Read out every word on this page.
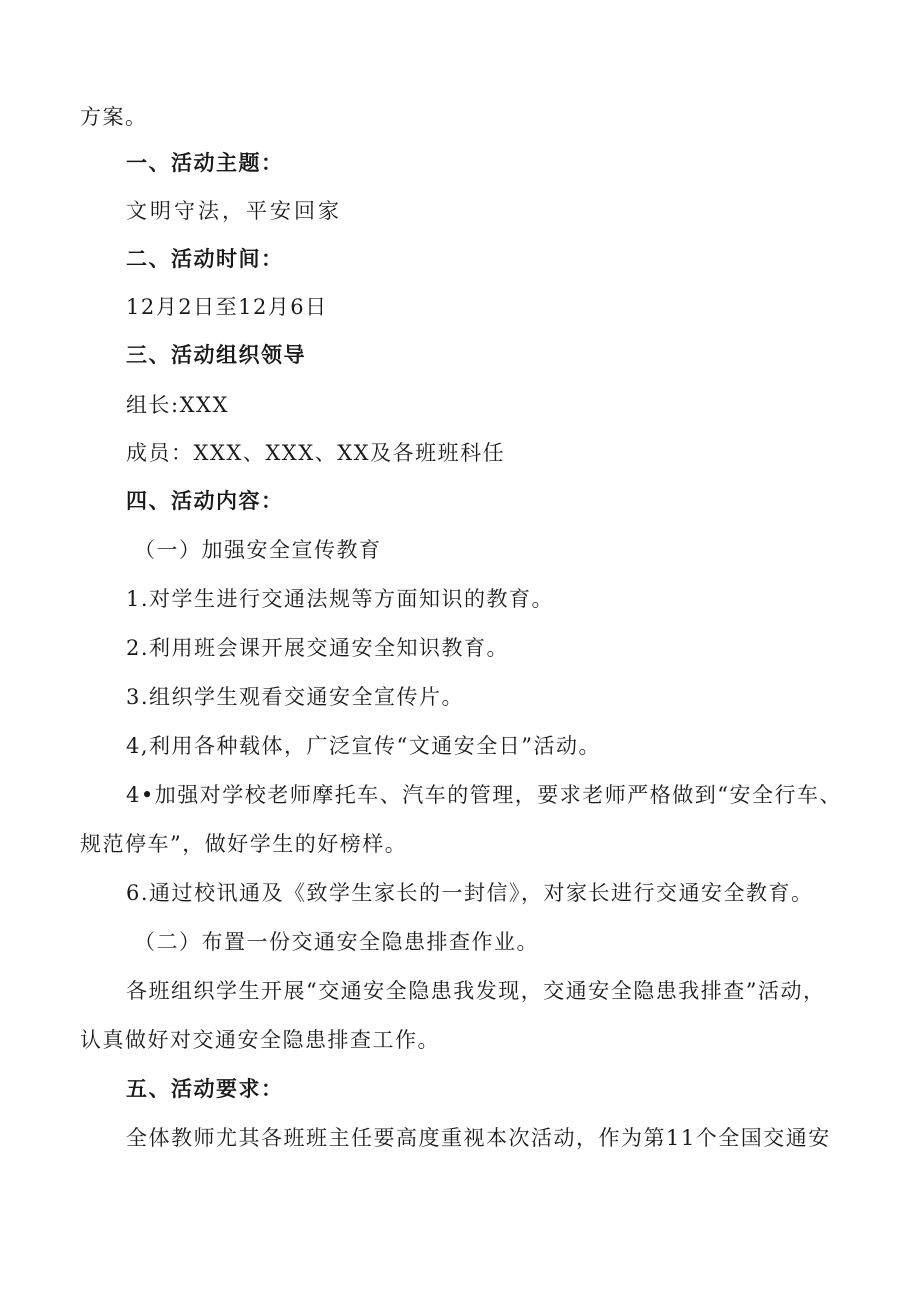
方案。
一、活动主题：
文明守法，平安回家
二、活动时间：
12月2日至12月6日
三、活动组织领导
组长:XXX
成员：XXX、XXX、XX及各班班科任
四、活动内容：
（一）加强安全宣传教育
1.对学生进行交通法规等方面知识的教育。
2.利用班会课开展交通安全知识教育。
3.组织学生观看交通安全宣传片。
4,利用各种载体，广泛宣传“文通安全日”活动。
4•加强对学校老师摩托车、汽车的管理，要求老师严格做到“安全行车、
规范停车”，做好学生的好榜样。
6.通过校讯通及《致学生家长的一封信》，对家长进行交通安全教育。
（二）布置一份交通安全隐患排查作业。
各班组织学生开展“交通安全隐患我发现，交通安全隐患我排查”活动，
认真做好对交通安全隐患排查工作。
五、活动要求：
全体教师尤其各班班主任要高度重视本次活动，作为第11个全国交通安
